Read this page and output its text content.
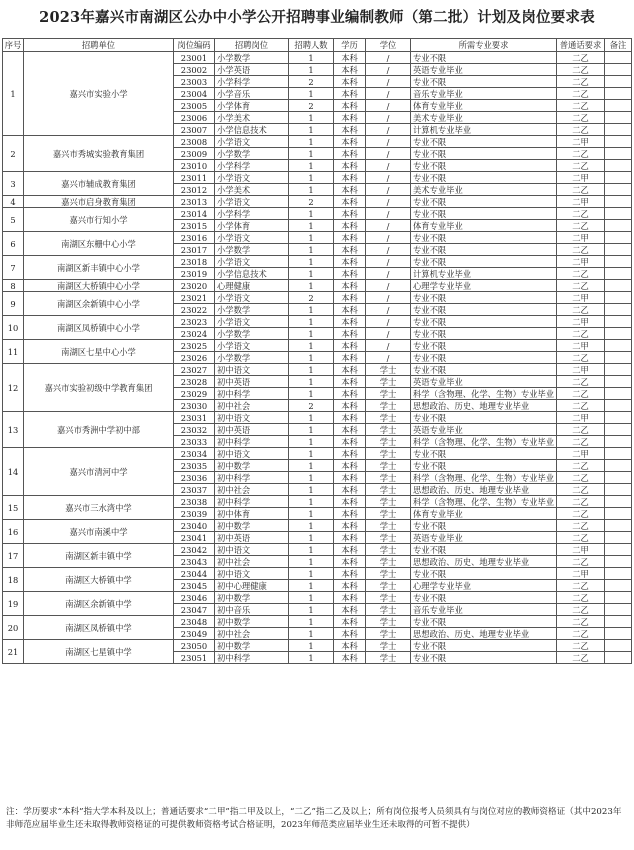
2023年嘉兴市南湖区公办中小学公开招聘事业编制教师（第二批）计划及岗位要求表
序号	招聘单位	岗位编码	招聘岗位	招聘人数	学历	学位	所需专业要求	普通话要求	备注
1	嘉兴市实验小学	23001	小学数学	1	本科	/	专业不限	二乙	
		23002	小学英语	1	本科	/	英语专业毕业	二乙	
		23003	小学科学	2	本科	/	专业不限	二乙	
		23004	小学音乐	1	本科	/	音乐专业毕业	二乙	
		23005	小学体育	2	本科	/	体育专业毕业	二乙	
		23006	小学美术	1	本科	/	美术专业毕业	二乙	
		23007	小学信息技术	1	本科	/	计算机专业毕业	二乙	
2	嘉兴市秀城实验教育集团	23008	小学语文	1	本科	/	专业不限	二甲	
		23009	小学数学	1	本科	/	专业不限	二乙	
		23010	小学科学	1	本科	/	专业不限	二乙	
3	嘉兴市辅成教育集团	23011	小学语文	1	本科	/	专业不限	二甲	
		23012	小学美术	1	本科	/	美术专业毕业	二乙	
4	嘉兴市启身教育集团	23013	小学语文	2	本科	/	专业不限	二甲	
5	嘉兴市行知小学	23014	小学科学	1	本科	/	专业不限	二乙	
		23015	小学体育	1	本科	/	体育专业毕业	二乙	
6	南湖区东栅中心小学	23016	小学语文	1	本科	/	专业不限	二甲	
		23017	小学数学	1	本科	/	专业不限	二乙	
7	南湖区新丰镇中心小学	23018	小学语文	1	本科	/	专业不限	二甲	
		23019	小学信息技术	1	本科	/	计算机专业毕业	二乙	
8	南湖区大桥镇中心小学	23020	心理健康	1	本科	/	心理学专业毕业	二乙	
9	南湖区余新镇中心小学	23021	小学语文	2	本科	/	专业不限	二甲	
		23022	小学数学	1	本科	/	专业不限	二乙	
10	南湖区凤桥镇中心小学	23023	小学语文	1	本科	/	专业不限	二甲	
		23024	小学数学	1	本科	/	专业不限	二乙	
11	南湖区七星中心小学	23025	小学语文	1	本科	/	专业不限	二甲	
		23026	小学数学	1	本科	/	专业不限	二乙	
12	嘉兴市实验初级中学教育集团	23027	初中语文	1	本科	学士	专业不限	二甲	
		23028	初中英语	1	本科	学士	英语专业毕业	二乙	
		23029	初中科学	1	本科	学士	科学（含物理、化学、生物）专业毕业	二乙	
		23030	初中社会	2	本科	学士	思想政治、历史、地理专业毕业	二乙	
13	嘉兴市秀洲中学初中部	23031	初中语文	1	本科	学士	专业不限	二甲	
		23032	初中英语	1	本科	学士	英语专业毕业	二乙	
		23033	初中科学	1	本科	学士	科学（含物理、化学、生物）专业毕业	二乙	
14	嘉兴市清河中学	23034	初中语文	1	本科	学士	专业不限	二甲	
		23035	初中数学	1	本科	学士	专业不限	二乙	
		23036	初中科学	1	本科	学士	科学（含物理、化学、生物）专业毕业	二乙	
		23037	初中社会	1	本科	学士	思想政治、历史、地理专业毕业	二乙	
15	嘉兴市三水湾中学	23038	初中科学	1	本科	学士	科学（含物理、化学、生物）专业毕业	二乙	
		23039	初中体育	1	本科	学士	体育专业毕业	二乙	
16	嘉兴市南溪中学	23040	初中数学	1	本科	学士	专业不限	二乙	
		23041	初中英语	1	本科	学士	英语专业毕业	二乙	
17	南湖区新丰镇中学	23042	初中语文	1	本科	学士	专业不限	二甲	
		23043	初中社会	1	本科	学士	思想政治、历史、地理专业毕业	二乙	
18	南湖区大桥镇中学	23044	初中语文	1	本科	学士	专业不限	二甲	
		23045	初中心理健康	1	本科	学士	心理学专业毕业	二乙	
19	南湖区余新镇中学	23046	初中数学	1	本科	学士	专业不限	二乙	
		23047	初中音乐	1	本科	学士	音乐专业毕业	二乙	
20	南湖区凤桥镇中学	23048	初中数学	1	本科	学士	专业不限	二乙	
		23049	初中社会	1	本科	学士	思想政治、历史、地理专业毕业	二乙	
21	南湖区七星镇中学	23050	初中数学	1	本科	学士	专业不限	二乙	
		23051	初中科学	1	本科	学士	专业不限	二乙	
注：学历要求“本科”指大学本科及以上；普通话要求“二甲”指二甲及以上，“二乙”指二乙及以上；所有岗位报考人员须具有与岗位对应的教师资格证（其中2023年非师范应届毕业生还未取得教师资格证的可提供教师资格考试合格证明，2023年师范类应届毕业生还未取得的可暂不提供）
